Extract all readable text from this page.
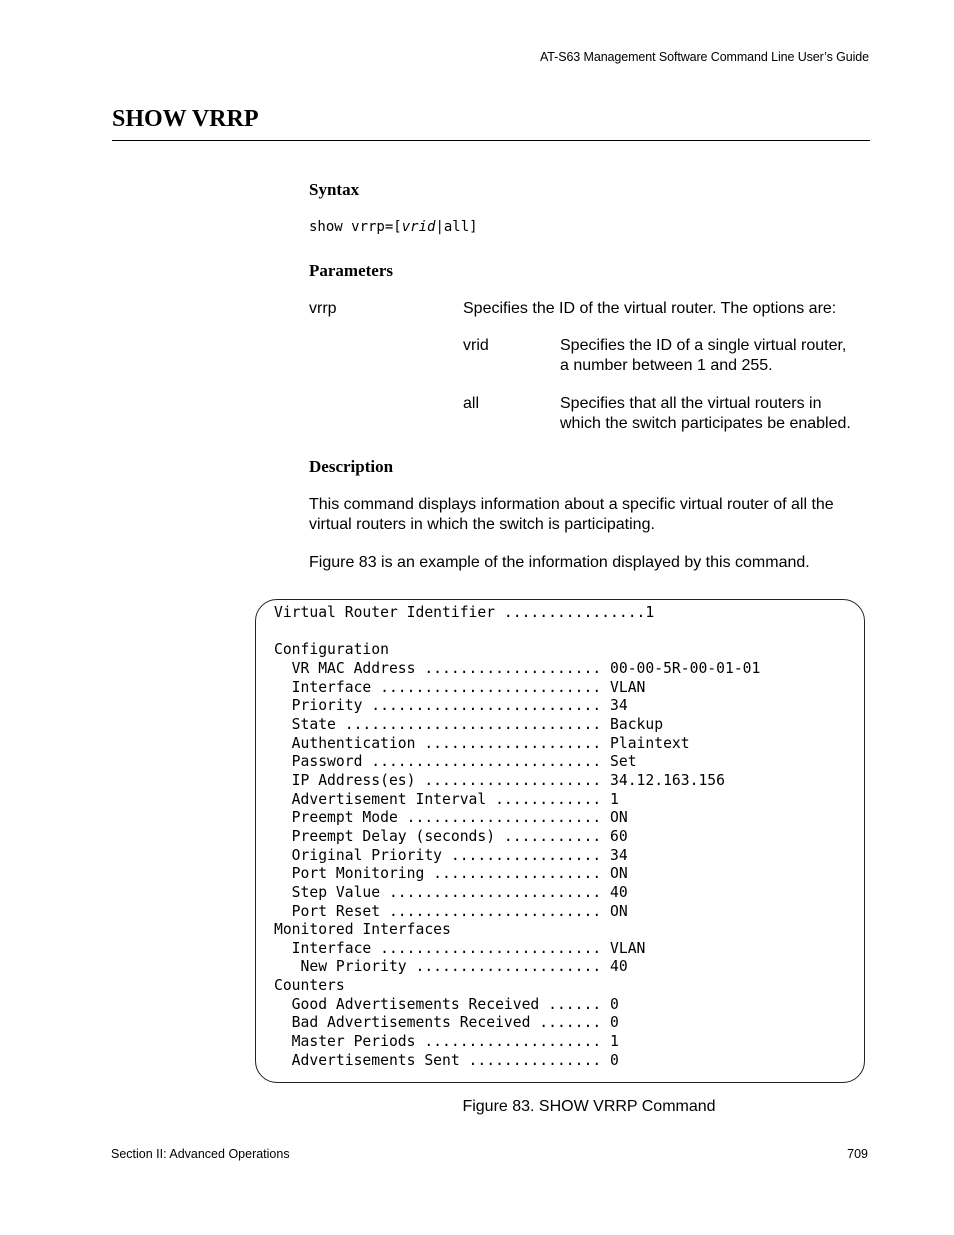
AT-S63 Management Software Command Line User’s Guide
SHOW VRRP
Syntax
show vrrp=[vrid|all]
Parameters

vrrp	Specifies the ID of the virtual router. The options are:

vrid	Specifies the ID of a single virtual router,

a number between 1 and 255.

all	Specifies that all the virtual routers in

which the switch participates be enabled.

Description

This command displays information about a specific virtual router of all the

virtual routers in which the switch is participating.

Figure 83 is an example of the information displayed by this command.

Virtual Router Identifier ................1

Configuration
VR MAC Address .................... 00-00-5R-00-01-01
Interface ......................... VLAN
Priority .......................... 34
State ............................. Backup
Authentication .................... Plaintext
Password .......................... Set
IP Address(es) .................... 34.12.163.156
Advertisement Interval ............ 1
Preempt Mode ...................... ON
Preempt Delay (seconds) ........... 60
Original Priority ................. 34
Port Monitoring ................... ON
Step Value ........................ 40
Port Reset ........................ ON
Monitored Interfaces
Interface ......................... VLAN
New Priority ..................... 40
Counters
Good Advertisements Received ...... 0
Bad Advertisements Received ....... 0
Master Periods .................... 1
Advertisements Sent ............... 0
Figure 83. SHOW VRRP Command
Section II: Advanced Operations	709
